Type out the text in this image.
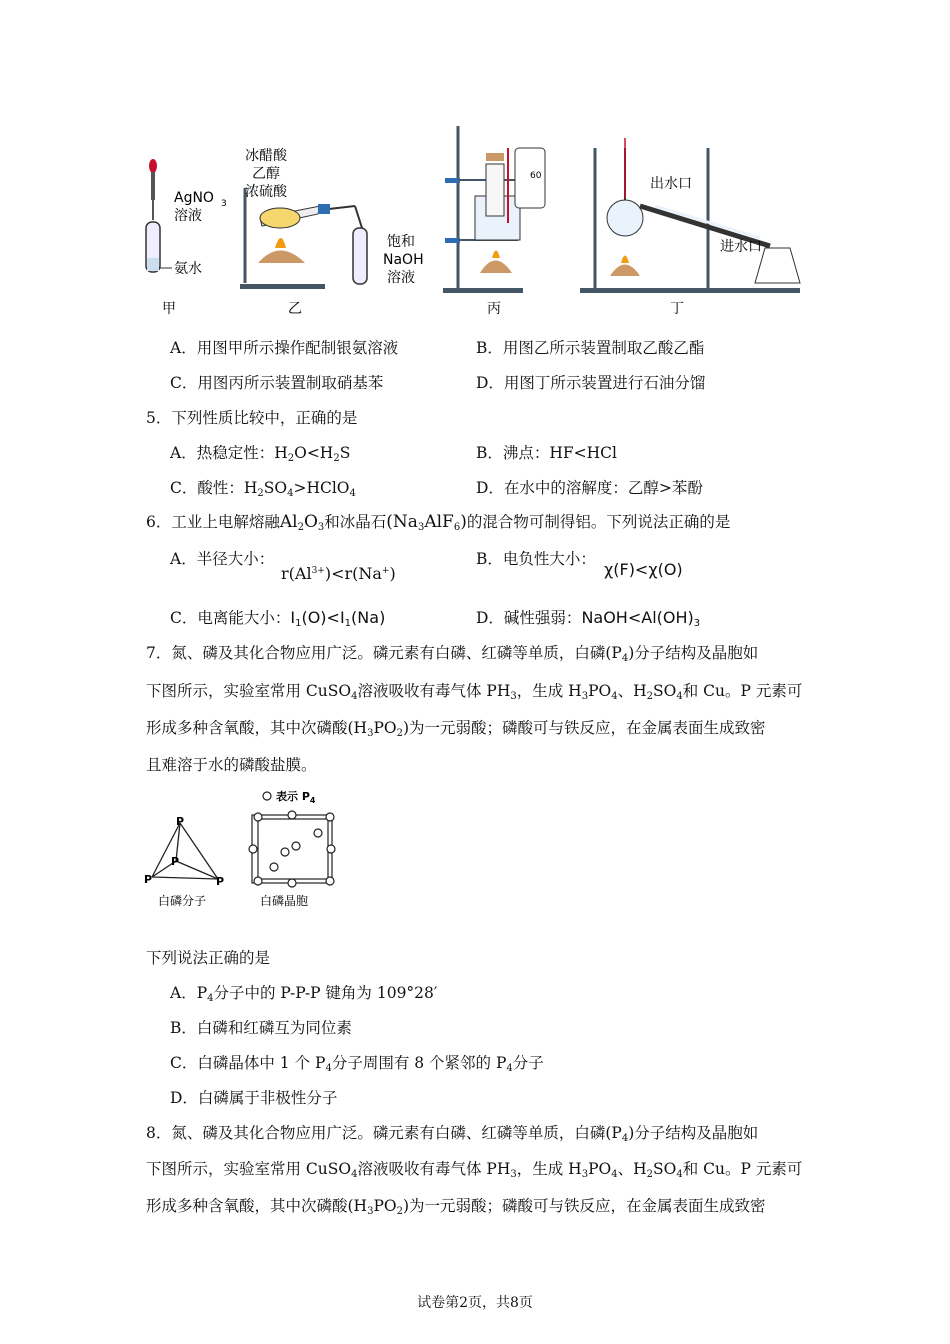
AgNO 3
溶液
氨水
甲
冰醋酸
乙醇
浓硫酸
饱和
NaOH
溶液
乙
60
丙
出水口
进水口
丁
A．用图甲所示操作配制银氨溶液	B．用图乙所示装置制取乙酸乙酯
C．用图丙所示装置制取硝基苯	D．用图丁所示装置进行石油分馏
5．下列性质比较中，正确的是
A．热稳定性：$H_2O<H_2S$	B．沸点：HF<HCl
C．酸性：$H_2SO_4>HClO_4$	D．在水中的溶解度：乙醇>苯酚
6．工业上电解熔融$Al_2O_3$和冰晶石$(Na_3AlF_6)$的混合物可制得铝。下列说法正确的是
A．半径大小：
$r(Al^{3+})<r(Na^+)$
B．电负性大小：
χ(F)<χ(O)
C．电离能大小：$I_1(O)<I_1(Na)$	D．碱性强弱：$NaOH<Al(OH)_3$
7．氮、磷及其化合物应用广泛。磷元素有白磷、红磷等单质，白磷$(P_4)$分子结构及晶胞如
下图所示，实验室常用 CuSO$_4$溶液吸收有毒气体 $PH_3$，生成 $H_3PO_4$、$H_2SO_4$和 Cu。P 元素可
形成多种含氧酸，其中次磷酸$(H_3PO_2)$为一元弱酸；磷酸可与铁反应，在金属表面生成致密
且难溶于水的磷酸盐膜。
P
P
P	P
白磷分子
表示 $P_4$
白磷晶胞
下列说法正确的是
A．$P_4$分子中的 P-P-P 键角为 109°28′
B．白磷和红磷互为同位素
C．白磷晶体中 1 个 $P_4$分子周围有 8 个紧邻的 $P_4$分子
D．白磷属于非极性分子
8．氮、磷及其化合物应用广泛。磷元素有白磷、红磷等单质，白磷$(P_4)$分子结构及晶胞如
下图所示，实验室常用 CuSO$_4$溶液吸收有毒气体 $PH_3$，生成 $H_3PO_4$、$H_2SO_4$和 Cu。P 元素可
形成多种含氧酸，其中次磷酸$(H_3PO_2)$为一元弱酸；磷酸可与铁反应，在金属表面生成致密
试卷第2页，共8页
